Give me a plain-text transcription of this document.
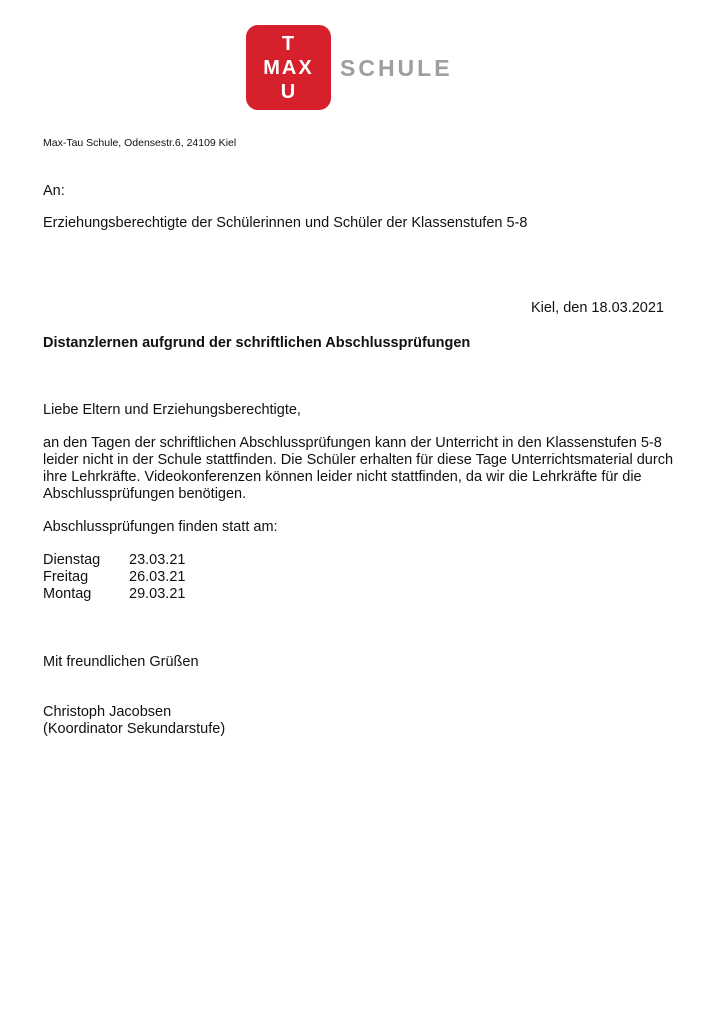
T
MAX
U
SCHULE
Max-Tau Schule, Odensestr.6, 24109 Kiel
An:
Erziehungsberechtigte der Schülerinnen und Schüler der Klassenstufen 5-8
Kiel, den 18.03.2021
Distanzlernen aufgrund der schriftlichen Abschlussprüfungen
Liebe Eltern und Erziehungsberechtigte,
an den Tagen der schriftlichen Abschlussprüfungen kann der Unterricht in den Klassenstufen 5-8
leider nicht in der Schule stattfinden. Die Schüler erhalten für diese Tage Unterrichtsmaterial durch
ihre Lehrkräfte. Videokonferenzen können leider nicht stattfinden, da wir die Lehrkräfte für die
Abschlussprüfungen benötigen.
Abschlussprüfungen finden statt am:
Dienstag	23.03.21
Freitag	26.03.21
Montag	29.03.21
Mit freundlichen Grüßen
Christoph Jacobsen
(Koordinator Sekundarstufe)
